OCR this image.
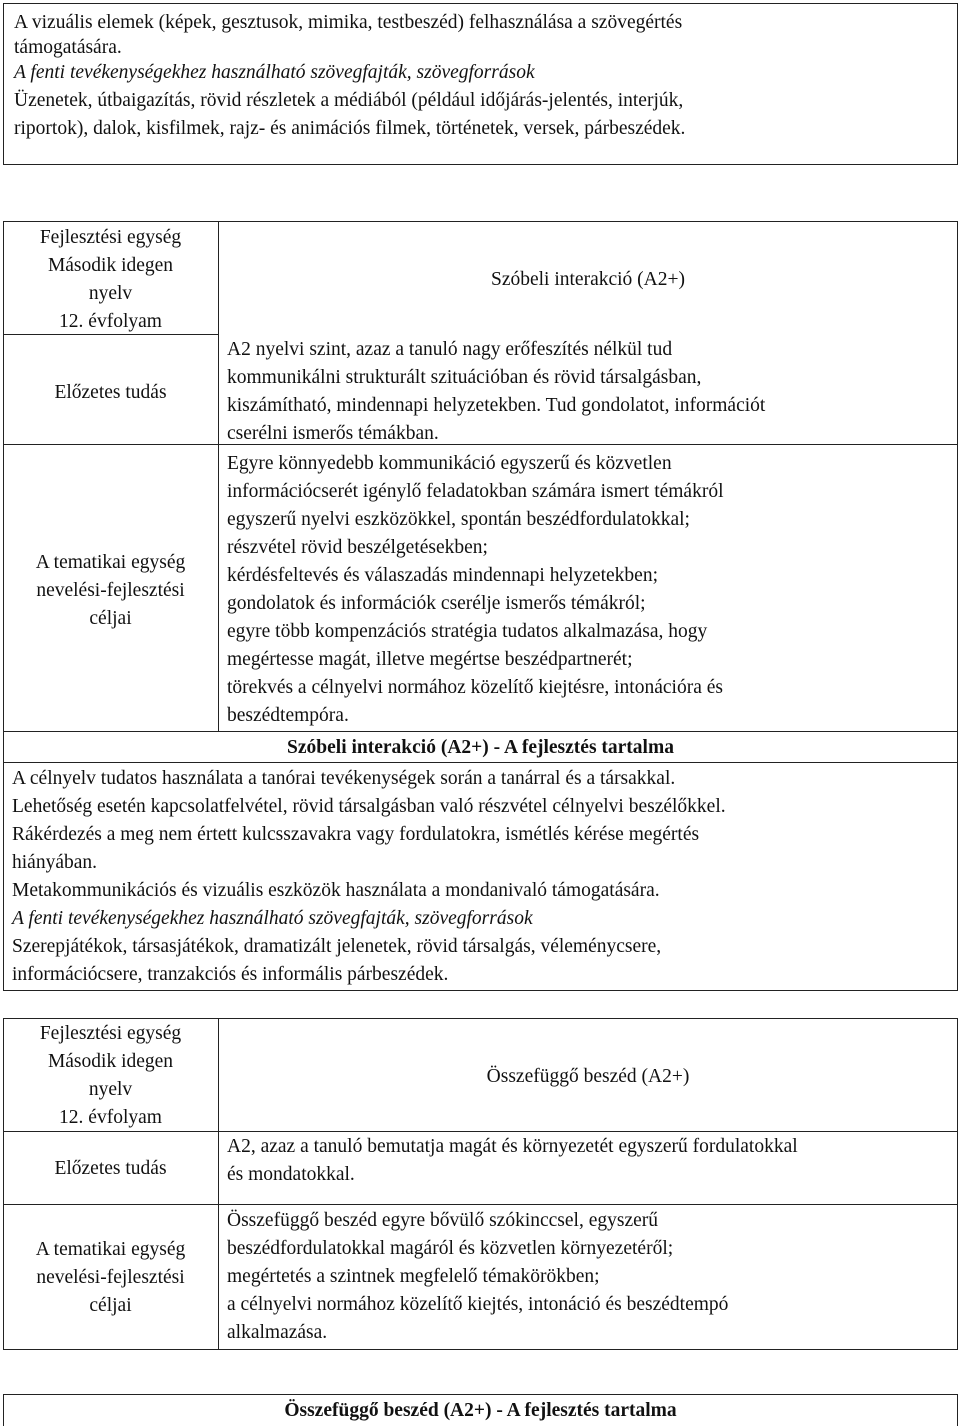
A vizuális elemek (képek, gesztusok, mimika, testbeszéd) felhasználása a szövegértés
támogatására.
A fenti tevékenységekhez használható szövegfajták, szövegforrások
Üzenetek, útbaigazítás, rövid részletek a médiából (például időjárás-jelentés, interjúk,
riportok), dalok, kisfilmek, rajz- és animációs filmek, történetek, versek, párbeszédek.
Fejlesztési egység
Második idegen
nyelv
12. évfolyam
Szóbeli interakció (A2+)
Előzetes tudás
A2 nyelvi szint, azaz a tanuló nagy erőfeszítés nélkül tud
kommunikálni strukturált szituációban és rövid társalgásban,
kiszámítható, mindennapi helyzetekben. Tud gondolatot, információt
cserélni ismerős témákban.
A tematikai egység
nevelési-fejlesztési
céljai
Egyre könnyedebb kommunikáció egyszerű és közvetlen
információcserét igénylő feladatokban számára ismert témákról
egyszerű nyelvi eszközökkel, spontán beszédfordulatokkal;
részvétel rövid beszélgetésekben;
kérdésfeltevés és válaszadás mindennapi helyzetekben;
gondolatok és információk cserélje ismerős témákról;
egyre több kompenzációs stratégia tudatos alkalmazása, hogy
megértesse magát, illetve megértse beszédpartnerét;
törekvés a célnyelvi normához közelítő kiejtésre, intonációra és
beszédtempóra.
Szóbeli interakció (A2+) - A fejlesztés tartalma
A célnyelv tudatos használata a tanórai tevékenységek során a tanárral és a társakkal.
Lehetőség esetén kapcsolatfelvétel, rövid társalgásban való részvétel célnyelvi beszélőkkel.
Rákérdezés a meg nem értett kulcsszavakra vagy fordulatokra, ismétlés kérése megértés
hiányában.
Metakommunikációs és vizuális eszközök használata a mondanivaló támogatására.
A fenti tevékenységekhez használható szövegfajták, szövegforrások
Szerepjátékok, társasjátékok, dramatizált jelenetek, rövid társalgás, véleménycsere,
információcsere, tranzakciós és informális párbeszédek.
Fejlesztési egység
Második idegen
nyelv
12. évfolyam
Összefüggő beszéd (A2+)
Előzetes tudás
A2, azaz a tanuló bemutatja magát és környezetét egyszerű fordulatokkal
és mondatokkal.
A tematikai egység
nevelési-fejlesztési
céljai
Összefüggő beszéd egyre bővülő szókinccsel, egyszerű
beszédfordulatokkal magáról és közvetlen környezetéről;
megértetés a szintnek megfelelő témakörökben;
a célnyelvi normához közelítő kiejtés, intonáció és beszédtempó
alkalmazása.
Összefüggő beszéd (A2+) - A fejlesztés tartalma
